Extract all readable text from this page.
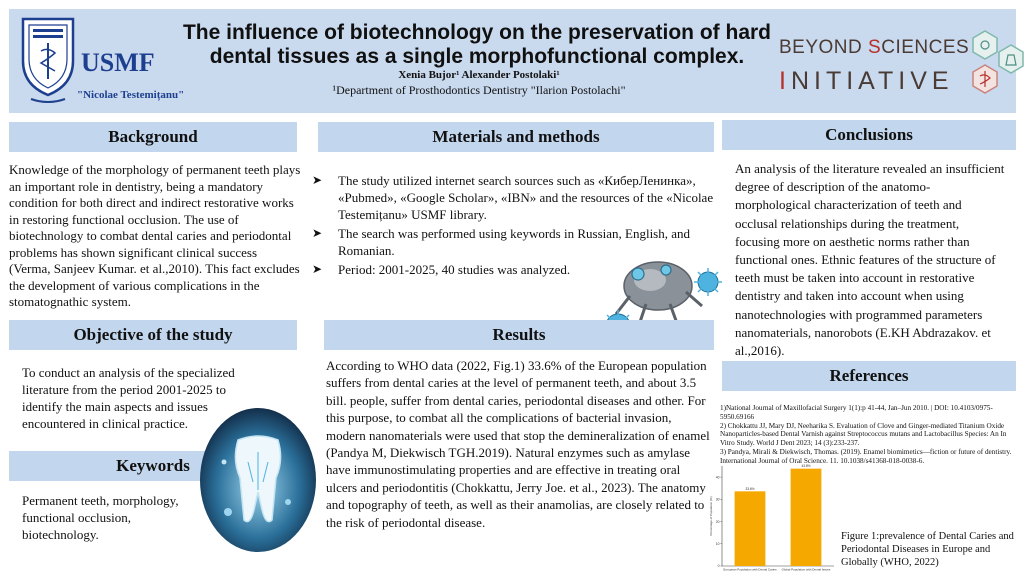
USMF
"Nicolae Testemițanu"
The influence of biotechnology on the preservation of hard
dental tissues as a single morphofunctional complex.
Xenia Bujor¹ Alexander Postolaki¹
¹Department of Prosthodontics Dentistry "Ilarion Postolachi"
BEYOND SCIENCES
INITIATIVE
Background
Knowledge of the morphology of permanent teeth plays an important role in dentistry, being a mandatory condition for both direct and indirect restorative works in restoring functional occlusion. The use of biotechnology to combat dental caries and periodontal problems has shown significant clinical success (Verma, Sanjeev Kumar. et al.,2010). This fact excludes the development of various complications in the stomatognathic system.
Objective of the study
To conduct an analysis of the specialized literature from the period 2001-2025 to identify the main aspects and issues encountered in clinical practice.
Keywords
Permanent teeth, morphology, functional occlusion, biotechnology.
Materials and methods
➤ The study utilized internet search sources such as «КиберЛенинка», «Pubmed», «Google Scholar», «IBN» and the resources of the «Nicolae Testemițanu» USMF library.
➤ The search was performed using keywords in Russian, English, and Romanian.
➤ Period: 2001-2025, 40 studies was analyzed.
Results
According to WHO data (2022, Fig.1) 33.6% of the European population suffers from dental caries at the level of permanent teeth, and about 3.5 bill. people, suffer from dental caries, periodontal diseases and other. For this purpose, to combat all the complications of bacterial invasion, modern nanomaterials were used that stop the demineralization of enamel (Pandya M, Diekwisch TGH.2019). Natural enzymes such as amylase have immunostimulating properties and are effective in treating oral ulcers and periodontitis (Chokkattu, Jerry Joe. et al., 2023). The anatomy and topography of teeth, as well as their anamolias, are closely related to the risk of periodontal disease.
Conclusions
An analysis of the literature revealed an insufficient degree of description of the anatomo-morphological characterization of teeth and occlusal relationships during the treatment, focusing more on aesthetic norms rather than functional ones. Ethnic features of the structure of teeth must be taken into account in restorative dentistry and taken into account when using nanotechnologies with programmed parameters nanomaterials, nanorobots (E.KH Abdrazakov. et al.,2016).
References
1)National Journal of Maxillofacial Surgery 1(1):p 41-44, Jan–Jun 2010. | DOI: 10.4103/0975-5950.69166
2) Chokkattu JJ, Mary DJ, Neeharika S. Evaluation of Clove and Ginger-mediated Titanium Oxide Nanoparticles-based Dental Varnish against Streptococcus mutans and Lactobacillus Species: An In Vitro Study. World J Dent 2023; 14 (3):233-237.
3) Pandya, Mirali & Diekwisch, Thomas. (2019). Enamel biomimetics—fiction or future of dentistry. International Journal of Oral Science. 11. 10.1038/s41368-018-0038-6.
Percentage of Population (%)
0
10
20
30
40
33.6%
European Population with Dental Caries
43.8%
Global Population with Dental Issues
Figure 1:prevalence of Dental Caries and Periodontal Diseases in Europe and Globally (WHO, 2022)
